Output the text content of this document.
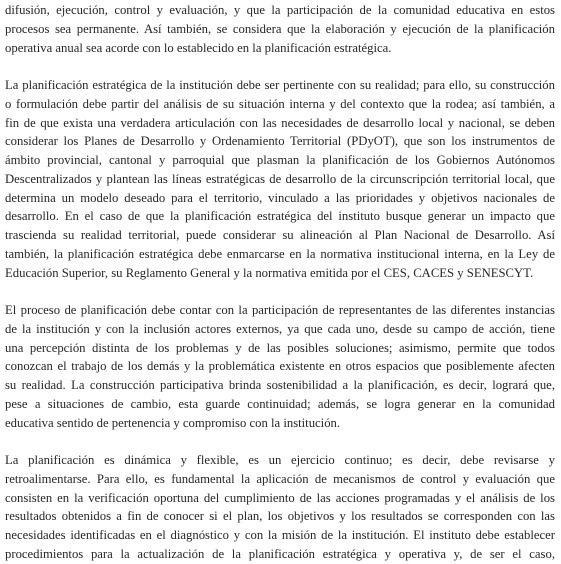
difusión, ejecución, control y evaluación, y que la participación de la comunidad educativa en estos
procesos sea permanente. Así también, se considera que la elaboración y ejecución de la planificación
operativa anual sea acorde con lo establecido en la planificación estratégica.

La planificación estratégica de la institución debe ser pertinente con su realidad; para ello, su construcción
o formulación debe partir del análisis de su situación interna y del contexto que la rodea; así también, a
fin de que exista una verdadera articulación con las necesidades de desarrollo local y nacional, se deben
considerar los Planes de Desarrollo y Ordenamiento Territorial (PDyOT), que son los instrumentos de
ámbito provincial, cantonal y parroquial que plasman la planificación de los Gobiernos Autónomos
Descentralizados y plantean las líneas estratégicas de desarrollo de la circunscripción territorial local, que
determina un modelo deseado para el territorio, vinculado a las prioridades y objetivos nacionales de
desarrollo. En el caso de que la planificación estratégica del instituto busque generar un impacto que
trascienda su realidad territorial, puede considerar su alineación al Plan Nacional de Desarrollo. Así
también, la planificación estratégica debe enmarcarse en la normativa institucional interna, en la Ley de
Educación Superior, su Reglamento General y la normativa emitida por el CES, CACES y SENESCYT.

El proceso de planificación debe contar con la participación de representantes de las diferentes instancias
de la institución y con la inclusión actores externos, ya que cada uno, desde su campo de acción, tiene
una percepción distinta de los problemas y de las posibles soluciones; asimismo, permite que todos
conozcan el trabajo de los demás y la problemática existente en otros espacios que posiblemente afecten
su realidad. La construcción participativa brinda sostenibilidad a la planificación, es decir, logrará que,
pese a situaciones de cambio, esta guarde continuidad; además, se logra generar en la comunidad
educativa sentido de pertenencia y compromiso con la institución.

La planificación es dinámica y flexible, es un ejercicio continuo; es decir, debe revisarse y
retroalimentarse. Para ello, es fundamental la aplicación de mecanismos de control y evaluación que
consisten en la verificación oportuna del cumplimiento de las acciones programadas y el análisis de los
resultados obtenidos a fin de conocer si el plan, los objetivos y los resultados se corresponden con las
necesidades identificadas en el diagnóstico y con la misión de la institución. El instituto debe establecer
procedimientos para la actualización de la planificación estratégica y operativa y, de ser el caso,
